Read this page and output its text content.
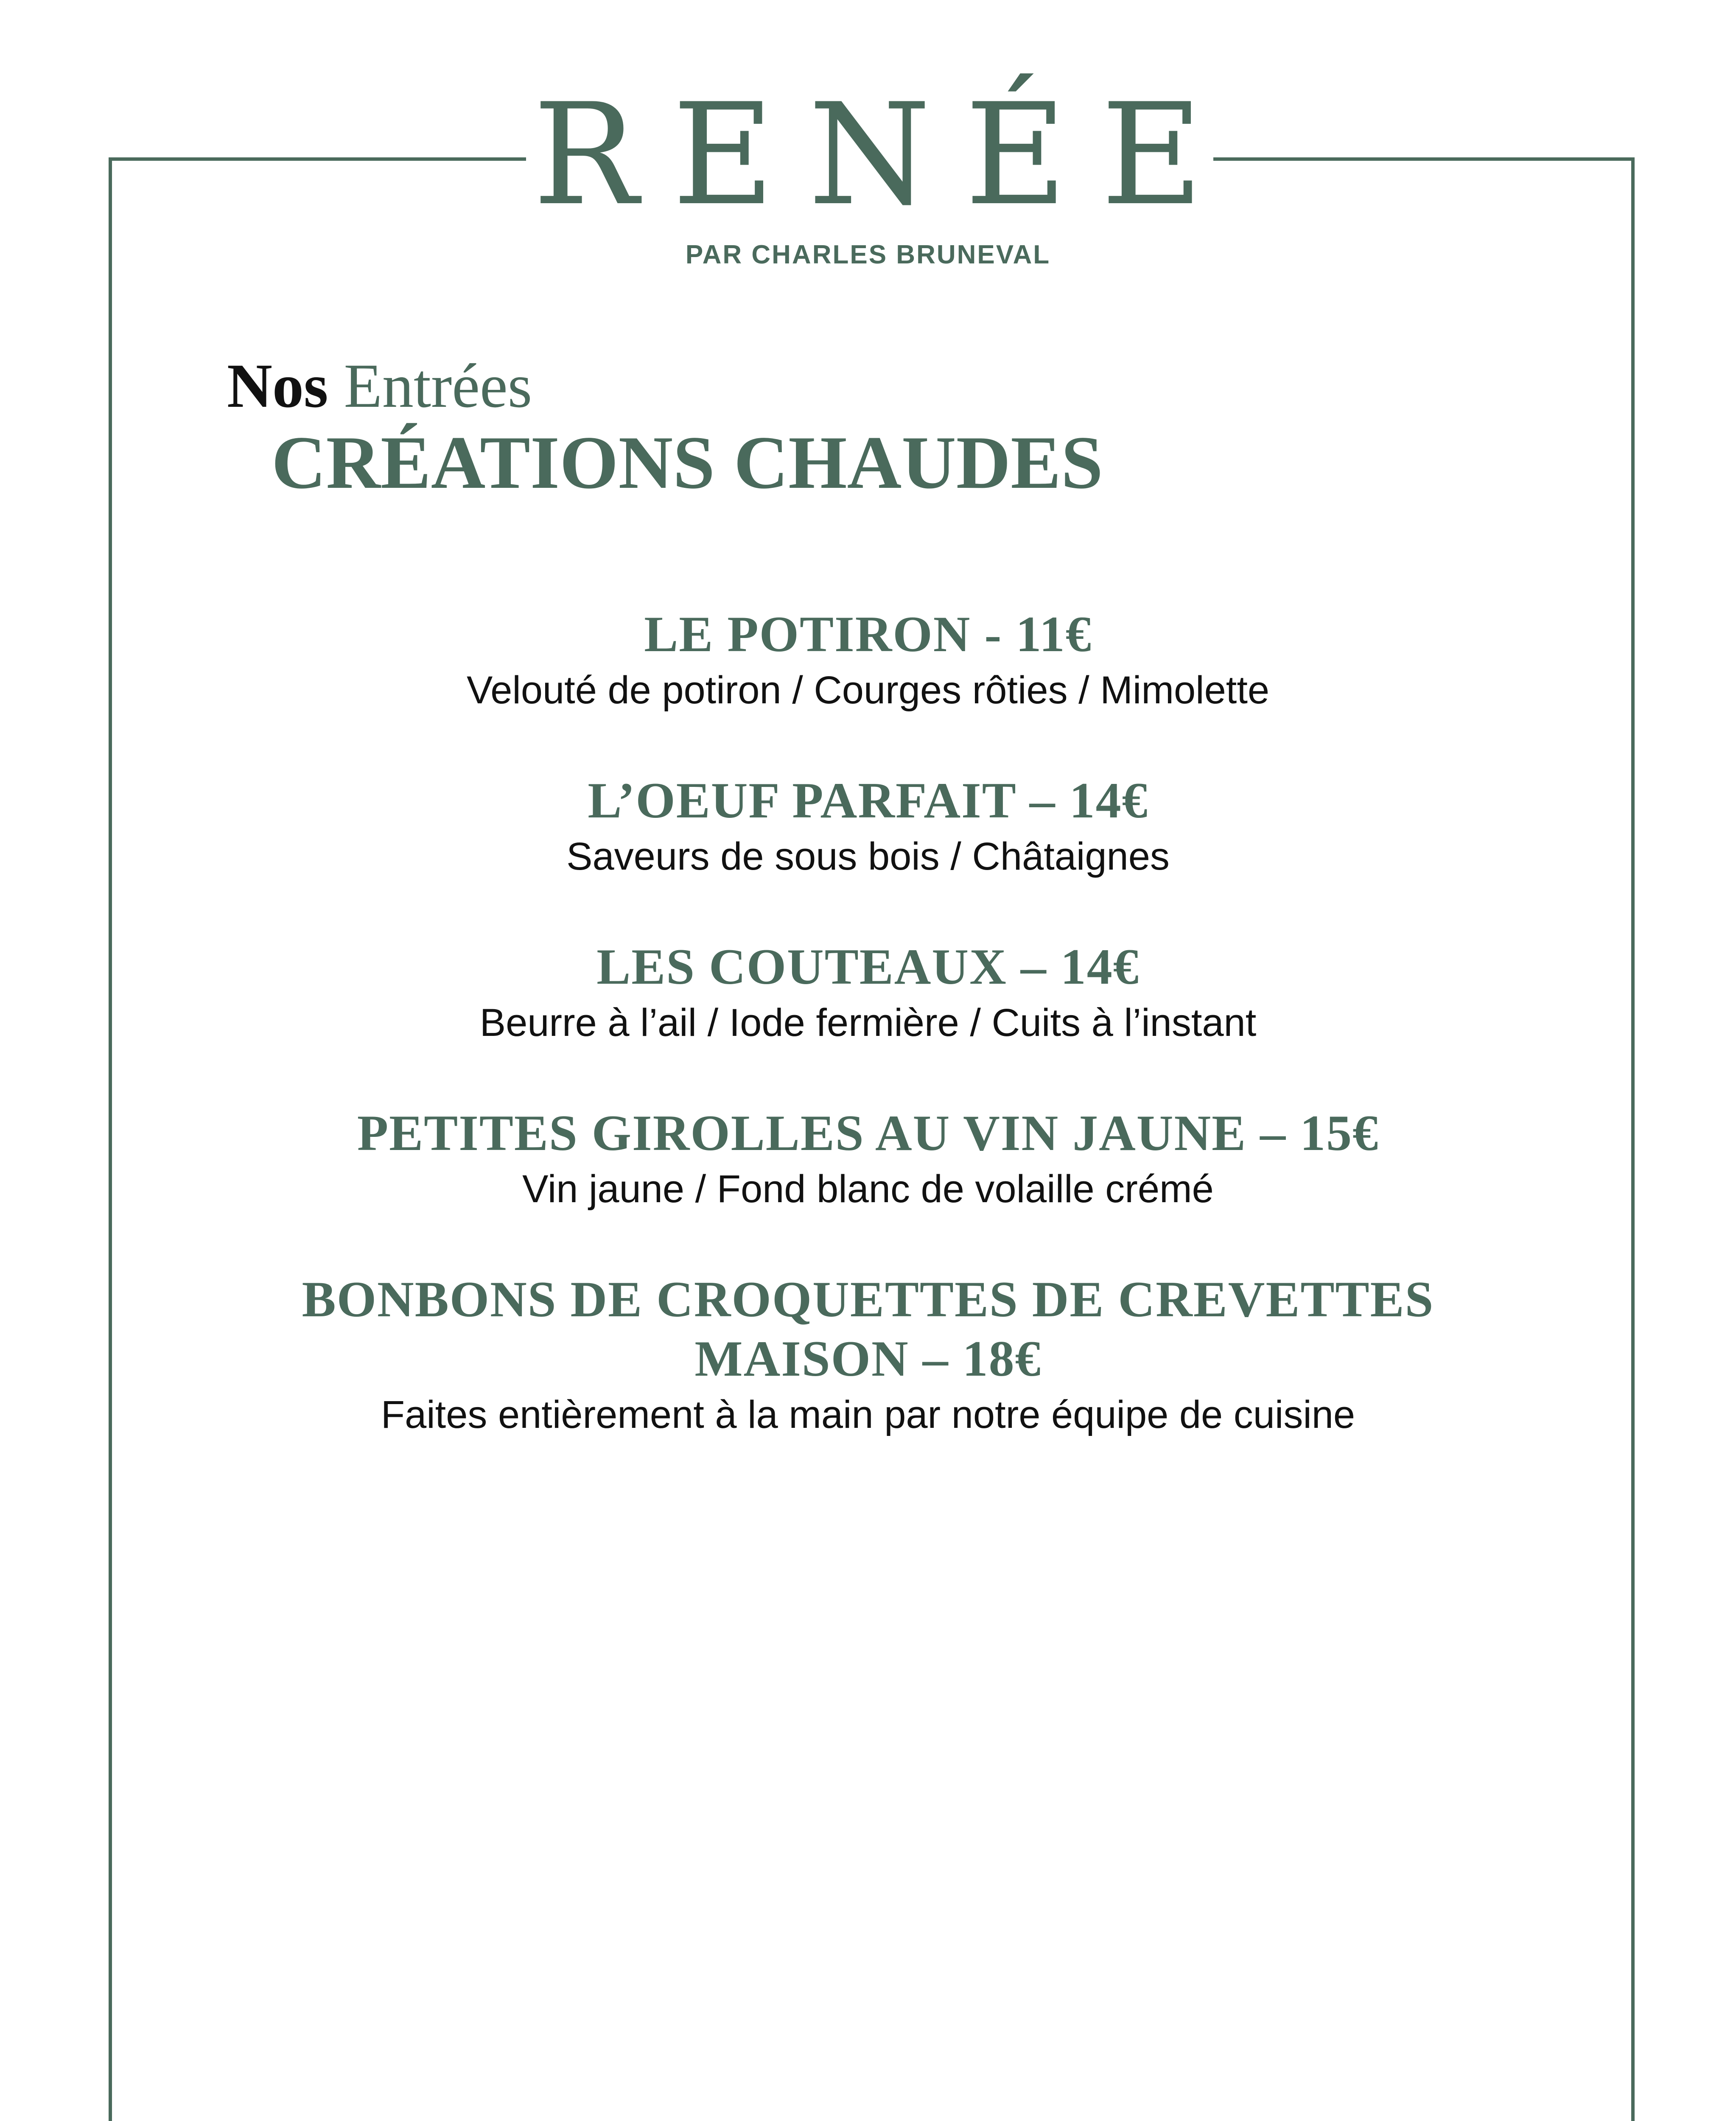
RENÉE
PAR CHARLES BRUNEVAL
Nos Entrées
CRÉATIONS CHAUDES
LE POTIRON - 11€
Velouté de potiron / Courges rôties / Mimolette
L’OEUF PARFAIT – 14€
Saveurs de sous bois / Châtaignes
LES COUTEAUX – 14€
Beurre à l’ail / Iode fermière / Cuits à l’instant
PETITES GIROLLES AU VIN JAUNE – 15€
Vin jaune / Fond blanc de volaille crémé
BONBONS DE CROQUETTES DE CREVETTES MAISON – 18€
Faites entièrement à la main par notre équipe de cuisine
